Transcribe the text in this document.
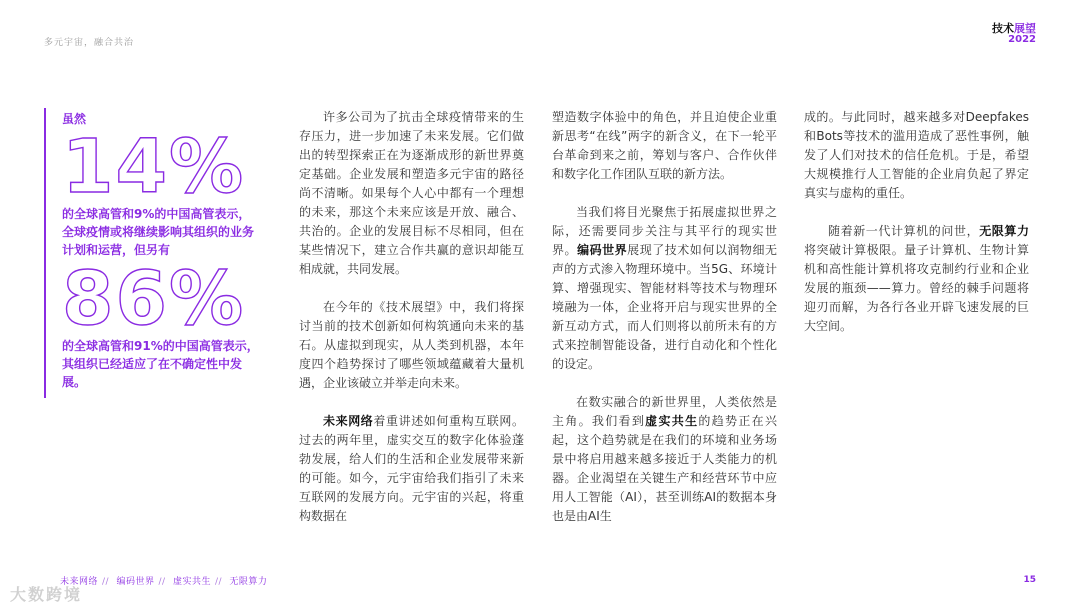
多元宇宙，融合共治
技术展望
2022
虽然
14%
的全球高管和9%的中国高管表示，全球疫情或将继续影响其组织的业务计划和运营，但另有
86%
的全球高管和91%的中国高管表示，其组织已经适应了在不确定性中发展。

许多公司为了抗击全球疫情带来的生存压力，进一步加速了未来发展。它们做出的转型探索正在为逐渐成形的新世界奠定基础。企业发展和塑造多元宇宙的路径尚不清晰。如果每个人心中都有一个理想的未来，那这个未来应该是开放、融合、共治的。企业的发展目标不尽相同，但在某些情况下，建立合作共赢的意识却能互相成就，共同发展。

在今年的《技术展望》中，我们将探讨当前的技术创新如何构筑通向未来的基石。从虚拟到现实，从人类到机器，本年度四个趋势探讨了哪些领域蕴藏着大量机遇，企业该破立并举走向未来。

未来网络着重讲述如何重构互联网。过去的两年里，虚实交互的数字化体验蓬勃发展，给人们的生活和企业发展带来新的可能。如今，元宇宙给我们指引了未来互联网的发展方向。元宇宙的兴起，将重构数据在

塑造数字体验中的角色，并且迫使企业重新思考“在线”两字的新含义，在下一轮平台革命到来之前，筹划与客户、合作伙伴和数字化工作团队互联的新方法。

当我们将目光聚焦于拓展虚拟世界之际，还需要同步关注与其平行的现实世界。编码世界展现了技术如何以润物细无声的方式渗入物理环境中。当5G、环境计算、增强现实、智能材料等技术与物理环境融为一体，企业将开启与现实世界的全新互动方式，而人们则将以前所未有的方式来控制智能设备，进行自动化和个性化的设定。

在数实融合的新世界里，人类依然是主角。我们看到虚实共生的趋势正在兴起，这个趋势就是在我们的环境和业务场景中将启用越来越多接近于人类能力的机器。企业渴望在关键生产和经营环节中应用人工智能（AI），甚至训练AI的数据本身也是由AI生

成的。与此同时，越来越多对Deepfakes和Bots等技术的滥用造成了恶性事例，触发了人们对技术的信任危机。于是，希望大规模推行人工智能的企业肩负起了界定真实与虚构的重任。

随着新一代计算机的问世，无限算力将突破计算极限。量子计算机、生物计算机和高性能计算机将攻克制约行业和企业发展的瓶颈——算力。曾经的棘手问题将迎刃而解，为各行各业开辟飞速发展的巨大空间。

未来网络 // 编码世界 // 虚实共生 // 无限算力	15
大数跨境
